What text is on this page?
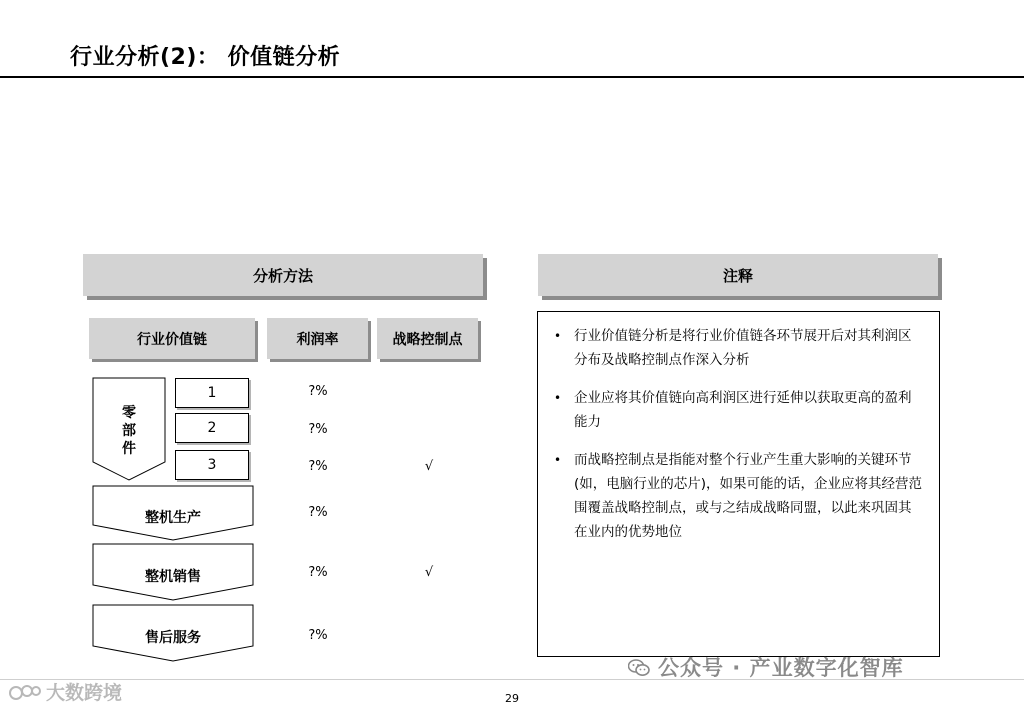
行业分析(2)： 价值链分析
分析方法
行业价值链	利润率	战略控制点
零部件
1
2
3
整机生产
整机销售
售后服务
?%
?%
?%
?%
?%
?%
√
√
注释
• 行业价值链分析是将行业价值链各环节展开后对其利润区分布及战略控制点作深入分析
• 企业应将其价值链向高利润区进行延伸以获取更高的盈利能力
• 而战略控制点是指能对整个行业产生重大影响的关键环节(如，电脑行业的芯片)，如果可能的话，企业应将其经营范围覆盖战略控制点，或与之结成战略同盟，以此来巩固其在业内的优势地位
29
公众号 · 产业数字化智库
大数跨境
